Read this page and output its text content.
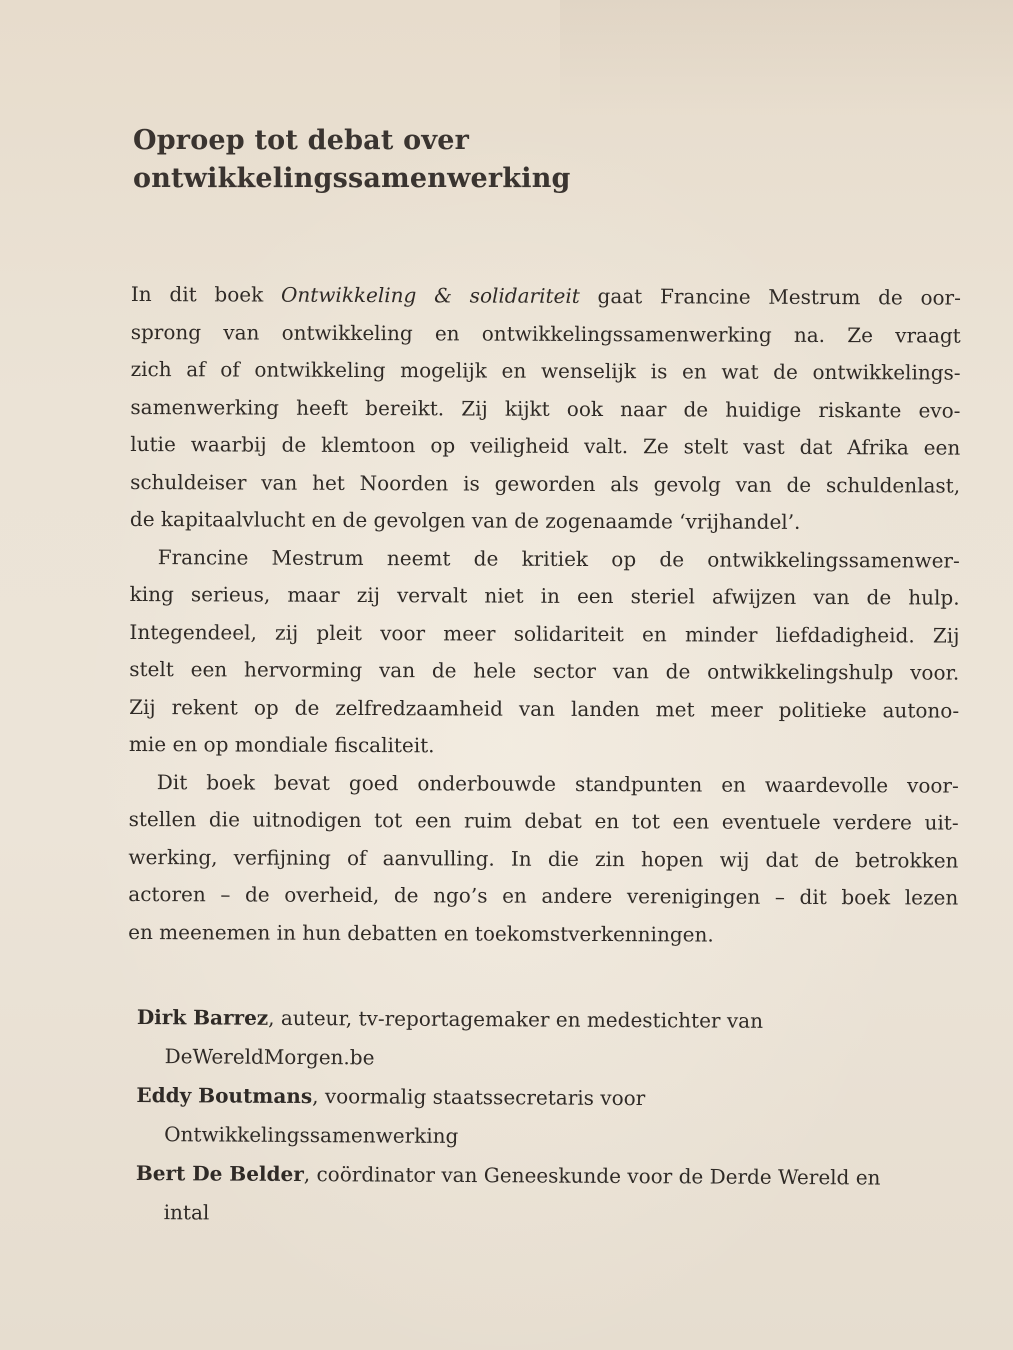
Oproep tot debat over
ontwikkelingssamenwerking

In dit boek Ontwikkeling & solidariteit gaat Francine Mestrum de oor-
sprong van ontwikkeling en ontwikkelingssamenwerking na. Ze vraagt
zich af of ontwikkeling mogelijk en wenselijk is en wat de ontwikkelings-
samenwerking heeft bereikt. Zij kijkt ook naar de huidige riskante evo-
lutie waarbij de klemtoon op veiligheid valt. Ze stelt vast dat Afrika een
schuldeiser van het Noorden is geworden als gevolg van de schuldenlast,
de kapitaalvlucht en de gevolgen van de zogenaamde ‘vrijhandel’.

Francine Mestrum neemt de kritiek op de ontwikkelingssamenwer-
king serieus, maar zij vervalt niet in een steriel afwijzen van de hulp.
Integendeel, zij pleit voor meer solidariteit en minder liefdadigheid. Zij
stelt een hervorming van de hele sector van de ontwikkelingshulp voor.
Zij rekent op de zelfredzaamheid van landen met meer politieke autono-
mie en op mondiale fiscaliteit.

Dit boek bevat goed onderbouwde standpunten en waardevolle voor-
stellen die uitnodigen tot een ruim debat en tot een eventuele verdere uit-
werking, verfijning of aanvulling. In die zin hopen wij dat de betrokken
actoren – de overheid, de ngo’s en andere verenigingen – dit boek lezen
en meenemen in hun debatten en toekomstverkenningen.

Dirk Barrez, auteur, tv-reportagemaker en medestichter van
DeWereldMorgen.be
Eddy Boutmans, voormalig staatssecretaris voor
Ontwikkelingssamenwerking
Bert De Belder, coördinator van Geneeskunde voor de Derde Wereld en
intal
